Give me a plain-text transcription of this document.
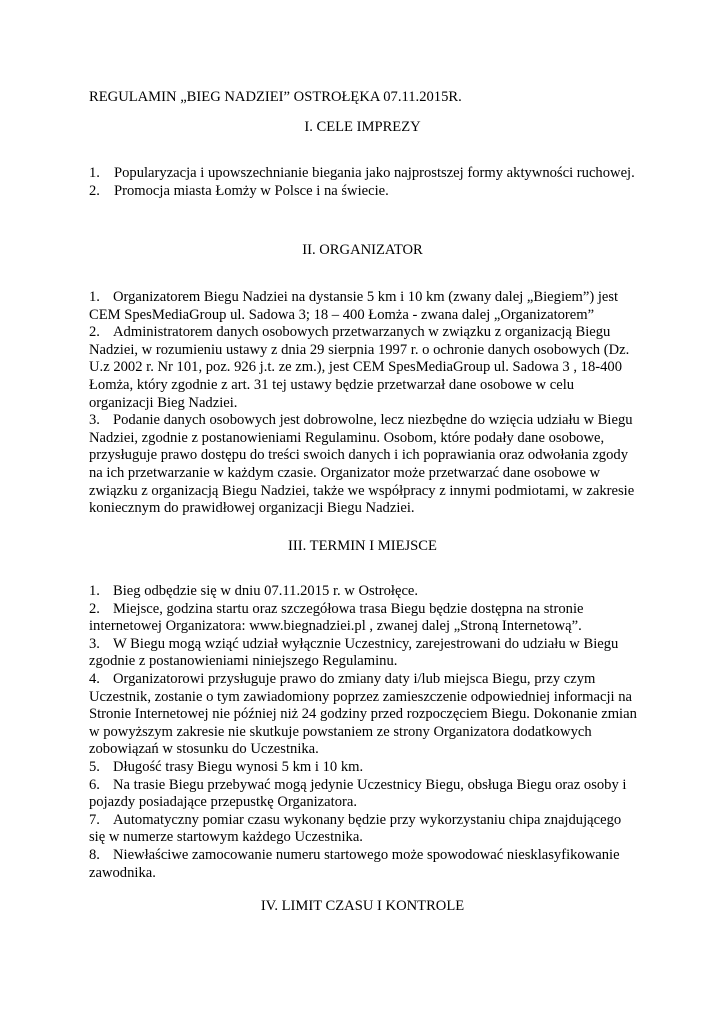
REGULAMIN „BIEG NADZIEI” OSTROŁĘKA 07.11.2015R.
I. CELE IMPREZY
1. Popularyzacja i upowszechnianie biegania jako najprostszej formy aktywności ruchowej.
2. Promocja miasta Łomży w Polsce i na świecie.
II. ORGANIZATOR

1. Organizatorem Biegu Nadziei na dystansie 5 km i 10 km (zwany dalej „Biegiem”) jest CEM SpesMediaGroup ul. Sadowa 3; 18 – 400 Łomża - zwana dalej „Organizatorem”

2. Administratorem danych osobowych przetwarzanych w związku z organizacją Biegu Nadziei, w rozumieniu ustawy z dnia 29 sierpnia 1997 r. o ochronie danych osobowych (Dz. U.z 2002 r. Nr 101, poz. 926 j.t. ze zm.), jest CEM SpesMediaGroup ul. Sadowa 3 , 18-400 Łomża, który zgodnie z art. 31 tej ustawy będzie przetwarzał dane osobowe w celu organizacji Bieg Nadziei.

3. Podanie danych osobowych jest dobrowolne, lecz niezbędne do wzięcia udziału w Biegu Nadziei, zgodnie z postanowieniami Regulaminu. Osobom, które podały dane osobowe, przysługuje prawo dostępu do treści swoich danych i ich poprawiania oraz odwołania zgody na ich przetwarzanie w każdym czasie. Organizator może przetwarzać dane osobowe w związku z organizacją Biegu Nadziei, także we współpracy z innymi podmiotami, w zakresie koniecznym do prawidłowej organizacji Biegu Nadziei.

III. TERMIN I MIEJSCE

1. Bieg odbędzie się w dniu 07.11.2015 r. w Ostrołęce.

2. Miejsce, godzina startu oraz szczegółowa trasa Biegu będzie dostępna na stronie internetowej Organizatora: www.biegnadziei.pl , zwanej dalej „Stroną Internetową”.

3. W Biegu mogą wziąć udział wyłącznie Uczestnicy, zarejestrowani do udziału w Biegu zgodnie z postanowieniami niniejszego Regulaminu.

4. Organizatorowi przysługuje prawo do zmiany daty i/lub miejsca Biegu, przy czym Uczestnik, zostanie o tym zawiadomiony poprzez zamieszczenie odpowiedniej informacji na Stronie Internetowej nie później niż 24 godziny przed rozpoczęciem Biegu. Dokonanie zmian w powyższym zakresie nie skutkuje powstaniem ze strony Organizatora dodatkowych zobowiązań w stosunku do Uczestnika.

5. Długość trasy Biegu wynosi 5 km i 10 km.

6. Na trasie Biegu przebywać mogą jedynie Uczestnicy Biegu, obsługa Biegu oraz osoby i pojazdy posiadające przepustkę Organizatora.

7. Automatyczny pomiar czasu wykonany będzie przy wykorzystaniu chipa znajdującego się w numerze startowym każdego Uczestnika.

8. Niewłaściwe zamocowanie numeru startowego może spowodować niesklasyfikowanie zawodnika.

IV. LIMIT CZASU I KONTROLE
